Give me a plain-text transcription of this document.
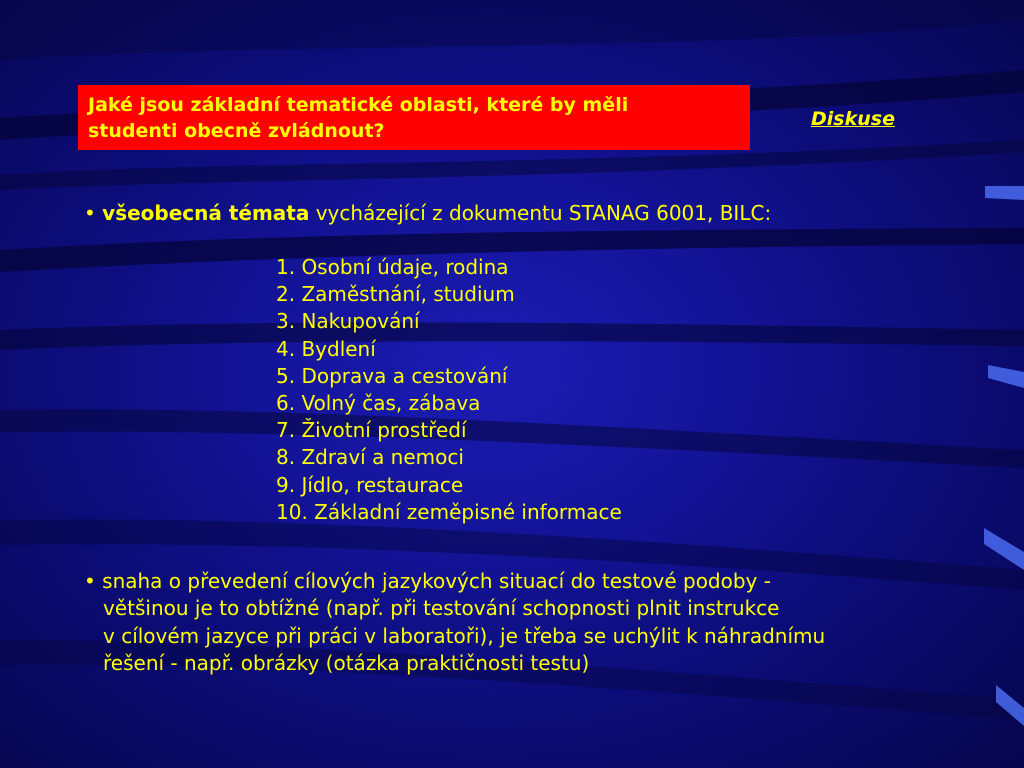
Jaké jsou základní tematické oblasti, které by měli
studenti obecně zvládnout?
Diskuse
• všeobecná témata vycházející z dokumentu STANAG 6001, BILC:
1. Osobní údaje, rodina
2. Zaměstnání, studium
3. Nakupování
4. Bydlení
5. Doprava a cestování
6. Volný čas, zábava
7. Životní prostředí
8. Zdraví a nemoci
9. Jídlo, restaurace
10. Základní zeměpisné informace
• snaha o převedení cílových jazykových situací do testové podoby -
většinou je to obtížné (např. při testování schopnosti plnit instrukce
v cílovém jazyce při práci v laboratoři), je třeba se uchýlit k náhradnímu
řešení - např. obrázky (otázka praktičnosti testu)
